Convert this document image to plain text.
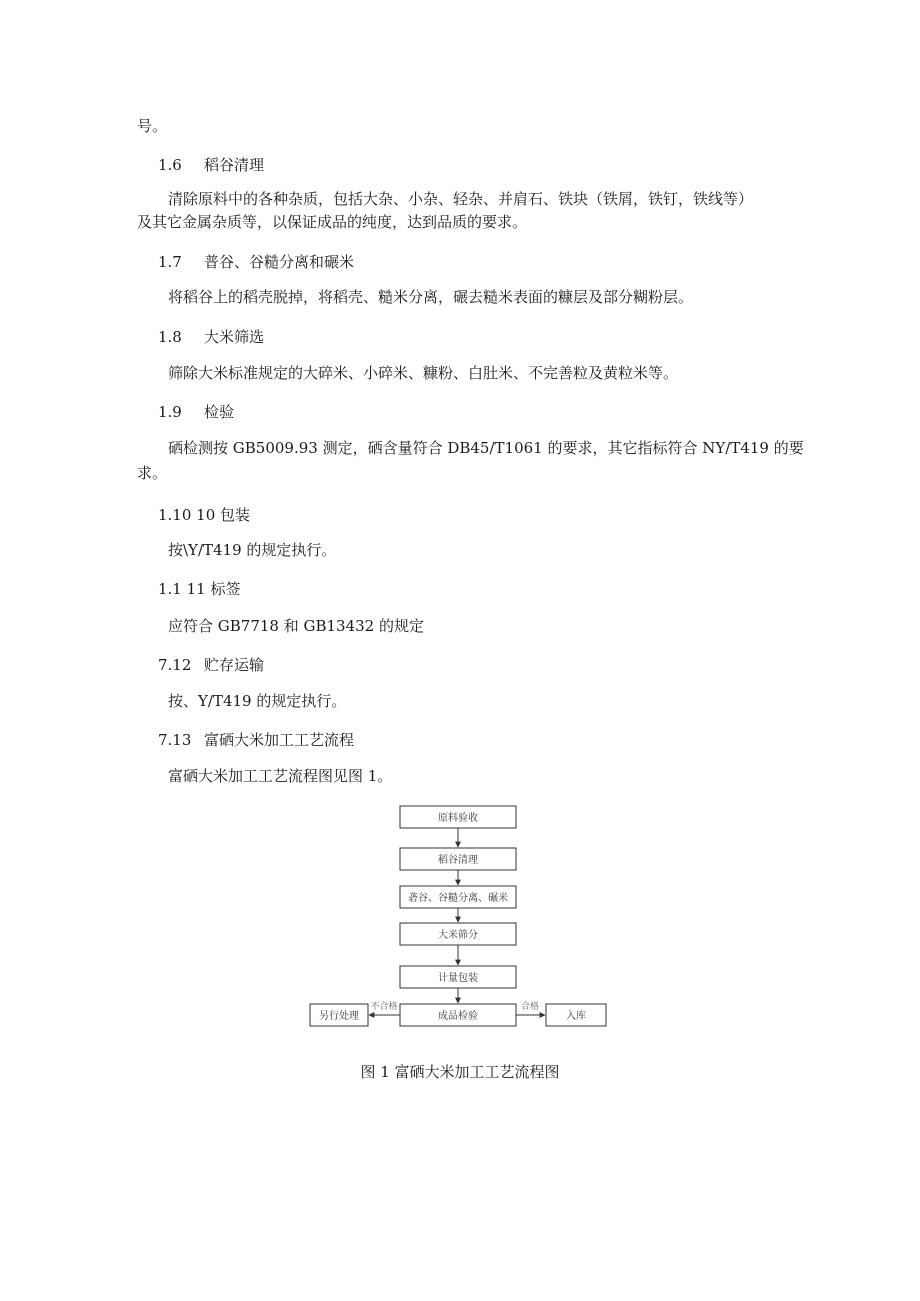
号。
1.6 稻谷清理
清除原料中的各种杂质，包括大杂、小杂、轻杂、并肩石、铁块（铁屑，铁钉，铁线等）
及其它金属杂质等，以保证成品的纯度，达到品质的要求。
1.7 普谷、谷糙分离和碾米
将稻谷上的稻壳脱掉，将稻壳、糙米分离，碾去糙米表面的糠层及部分糊粉层。
1.8 大米筛选
筛除大米标准规定的大碎米、小碎米、糠粉、白肚米、不完善粒及黄粒米等。
1.9 检验
硒检测按 GB5009.93 测定，硒含量符合 DB45/T1061 的要求，其它指标符合 NY/T419 的要
求。
1.10 10 包装
按\Y/T419 的规定执行。
1.1 11 标签
应符合 GB7718 和 GB13432 的规定
7.12 贮存运输
按、Y/T419 的规定执行。
7.13 富硒大米加工工艺流程
富硒大米加工工艺流程图见图 1。
原料验收
稻谷清理
砻谷、谷糙分离、碾米
大米筛分
计量包装
成品检验
另行处理	入库
不合格	合格
图 1 富硒大米加工工艺流程图
